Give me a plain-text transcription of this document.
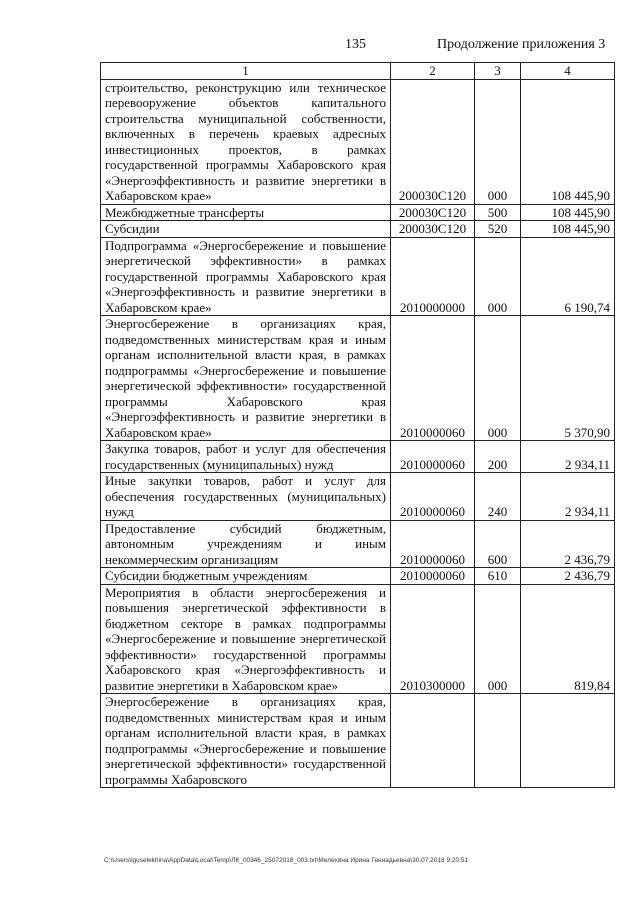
135	Продолжение приложения 3
1	2	3	4
строительство, реконструкцию или техническое перевооружение объектов капитального строительства муниципальной собственности, включенных в перечень краевых адресных инвестиционных проектов, в рамках государственной программы Хабаровского края «Энергоэффективность и развитие энергетики в Хабаровском крае»	200030С120	000	108 445,90
Межбюджетные трансферты	200030С120	500	108 445,90
Субсидии	200030С120	520	108 445,90
Подпрограмма «Энергосбережение и повышение энергетической эффективности» в рамках государственной программы Хабаровского края «Энергоэффективность и развитие энергетики в Хабаровском крае»	2010000000	000	6 190,74
Энергосбережение в организациях края, подведомственных министерствам края и иным органам исполнительной власти края, в рамках подпрограммы «Энергосбережение и повышение энергетической эффективности» государственной программы Хабаровского края «Энергоэффективность и развитие энергетики в Хабаровском крае»	2010000060	000	5 370,90
Закупка товаров, работ и услуг для обеспечения государственных (муниципальных) нужд	2010000060	200	2 934,11
Иные закупки товаров, работ и услуг для обеспечения государственных (муниципальных) нужд	2010000060	240	2 934,11
Предоставление субсидий бюджетным, автономным учреждениям и иным некоммерческим организациям	2010000060	600	2 436,79
Субсидии бюджетным учреждениям	2010000060	610	2 436,79
Мероприятия в области энергосбережения и повышения энергетической эффективности в бюджетном секторе в рамках подпрограммы «Энергосбережение и повышение энергетической эффективности» государственной программы Хабаровского края «Энергоэффективность и развитие энергетики в Хабаровском крае»	2010300000	000	819,84
Энергосбережение в организациях края, подведомственных министерствам края и иным органам исполнительной власти края, в рамках подпрограммы «Энергосбережение и повышение энергетической эффективности» государственной программы Хабаровского			
C:\Users\iguselekhina\AppData\Local\Temp\ЛК_00346_25072018_003.txt\Мелехина Ирина Геннадьевна\30.07.2018 9:20:51
